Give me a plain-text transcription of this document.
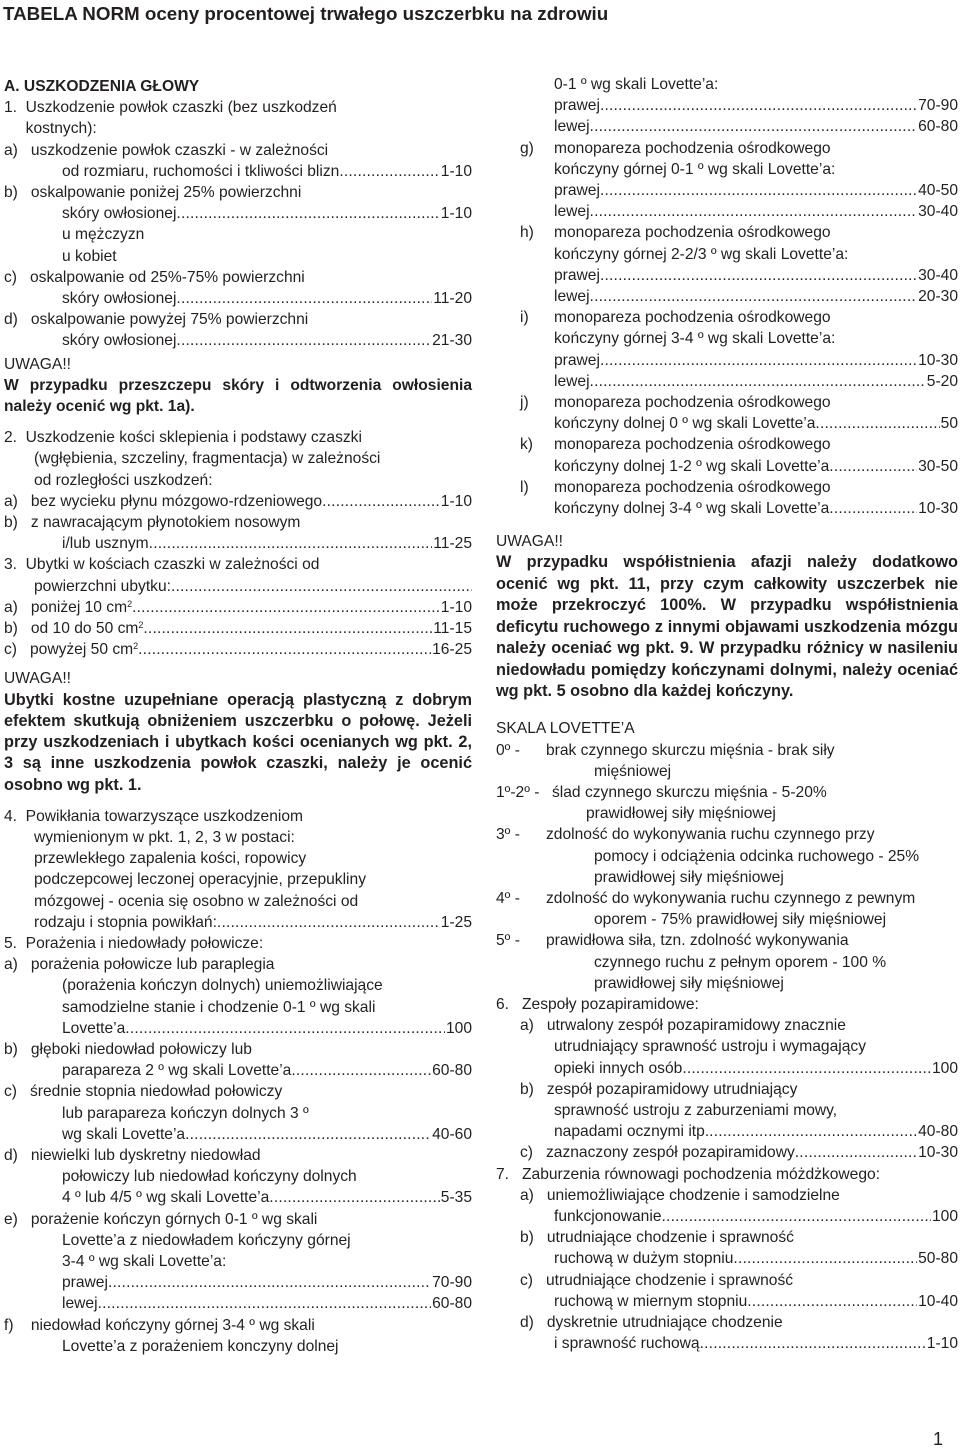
TABELA NORM oceny procentowej trwałego uszczerbku na zdrowiu
A. USZKODZENIA GŁOWY
1.  Uszkodzenie powłok czaszki (bez uszkodzeń
kostnych):
a)   uszkodzenie powłok czaszki - w zależności
od rozmiaru, ruchomości i tkliwości blizn .....	1-10
b)   oskalpowanie poniżej 25% powierzchni
skóry owłosionej .....	1-10
u mężczyzn
u kobiet
c)   oskalpowanie od 25%-75% powierzchni
skóry owłosionej .....	11-20
d)   oskalpowanie powyżej 75% powierzchni
skóry owłosionej .....	21-30
UWAGA!!
W przypadku przeszczepu skóry i odtworzenia owłosienia należy ocenić wg pkt. 1a).
2.  Uszkodzenie kości sklepienia i podstawy czaszki
(wgłębienia, szczeliny, fragmentacja) w zależności
od rozległości uszkodzeń:
a)   bez wycieku płynu mózgowo-rdzeniowego .....	1-10
b)   z nawracającym płynotokiem nosowym
i/lub usznym .....	11-25
3.  Ubytki w kościach czaszki w zależności od
powierzchni ubytku:
.....
a)   poniżej 10 $cm^2$ .....	1-10
b)   od 10 do 50 $cm^2$ .....	11-15
c)   powyżej 50 $cm^2$ .....	16-25
UWAGA!!
Ubytki kostne uzupełniane operacją plastyczną z dobrym efektem skutkują obniżeniem uszczerbku o połowę. Jeżeli przy uszkodzeniach i ubytkach kości ocenianych wg pkt. 2, 3 są inne uszkodzenia powłok czaszki, należy je ocenić osobno wg pkt. 1.
4.  Powikłania towarzyszące uszkodzeniom
wymienionym w pkt. 1, 2, 3 w postaci:
przewlekłego zapalenia kości, ropowicy
podczepcowej leczonej operacyjnie, przepukliny
mózgowej - ocenia się osobno w zależności od
rodzaju i stopnia powikłań: .....	1-25
5.  Porażenia i niedowłady połowicze:
a)   porażenia połowicze lub paraplegia
(porażenia kończyn dolnych) uniemożliwiające
samodzielne stanie i chodzenie 0-1 º wg skali
Lovette’a .....	100
b)   głęboki niedowład połowiczy lub
parapareza 2 º wg skali Lovette’a .....	60-80
c)   średnie stopnia niedowład połowiczy
lub parapareza kończyn dolnych 3 º
wg skali Lovette’a .....	40-60
d)   niewielki lub dyskretny niedowład
połowiczy lub niedowład kończyny dolnych
4 º lub 4/5 º wg skali Lovette’a .....	5-35
e)   porażenie kończyn górnych 0-1 º wg skali
Lovette’a z niedowładem kończyny górnej
3-4 º wg skali Lovette’a:
prawej .....	70-90
lewej .....	60-80
f)    niedowład kończyny górnej 3-4 º wg skali
Lovette’a z porażeniem konczyny dolnej
0-1 º wg skali Lovette’a:
prawej .....	70-90
lewej .....	60-80
g) monopareza pochodzenia ośrodkowego
kończyny górnej 0-1 º wg skali Lovette’a:
prawej .....	40-50
lewej .....	30-40
h) monopareza pochodzenia ośrodkowego
kończyny górnej 2-2/3 º wg skali Lovette’a:
prawej .....	30-40
lewej .....	20-30
i) monopareza pochodzenia ośrodkowego
kończyny górnej 3-4 º wg skali Lovette’a:
prawej .....	10-30
lewej .....	5-20
j) monopareza pochodzenia ośrodkowego
kończyny dolnej 0 º wg skali Lovette’a .....	50
k) monopareza pochodzenia ośrodkowego
kończyny dolnej 1-2 º wg skali Lovette’a .....	30-50
l) monopareza pochodzenia ośrodkowego
kończyny dolnej 3-4 º wg skali Lovette’a .....	10-30
UWAGA!!
W przypadku współistnienia afazji należy dodatkowo ocenić wg pkt. 11, przy czym całkowity uszczerbek nie może przekroczyć 100%. W przypadku współistnienia deficytu ruchowego z innymi objawami uszkodzenia mózgu należy oceniać wg pkt. 9. W przypadku różnicy w nasileniu niedowładu pomiędzy kończynami dolnymi, należy oceniać wg pkt. 5 osobno dla każdej kończyny.
SKALA LOVETTE’A
0º - brak czynnego skurczu mięśnia - brak siły
mięśniowej
1º-2º - ślad czynnego skurczu mięśnia - 5-20%
prawidłowej siły mięśniowej
3º - zdolność do wykonywania ruchu czynnego przy
pomocy i odciążenia odcinka ruchowego - 25%
prawidłowej siły mięśniowej
4º - zdolność do wykonywania ruchu czynnego z pewnym
oporem - 75% prawidłowej siły mięśniowej
5º - prawidłowa siła, tzn. zdolność wykonywania
czynnego ruchu z pełnym oporem - 100 %
prawidłowej siły mięśniowej
6.   Zespoły pozapiramidowe:
a)   utrwalony zespół pozapiramidowy znacznie
utrudniający sprawność ustroju i wymagający
opieki innych osób .....	100
b)   zespół pozapiramidowy utrudniający
sprawność ustroju z zaburzeniami mowy,
napadami ocznymi itp. .....	40-80
c)   zaznaczony zespół pozapiramidowy .....	10-30
7.   Zaburzenia równowagi pochodzenia móżdżkowego:
a)   uniemożliwiające chodzenie i samodzielne
funkcjonowanie .....	100
b)   utrudniające chodzenie i sprawność
ruchową w dużym stopniu .....	50-80
c)   utrudniające chodzenie i sprawność
ruchową w miernym stopniu .....	10-40
d)   dyskretnie utrudniające chodzenie
i sprawność ruchową .....	1-10
1
